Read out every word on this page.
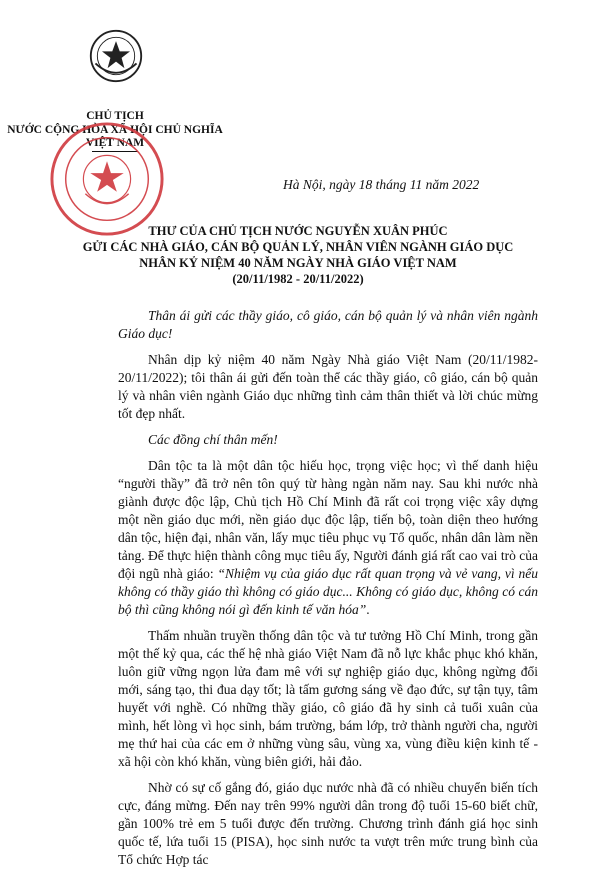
CHỦ TỊCH
NƯỚC CỘNG HÒA XÃ HỘI CHỦ NGHĨA
VIỆT NAM
Hà Nội, ngày 18 tháng 11 năm 2022
THƯ CỦA CHỦ TỊCH NƯỚC NGUYỄN XUÂN PHÚC
GỬI CÁC NHÀ GIÁO, CÁN BỘ QUẢN LÝ, NHÂN VIÊN NGÀNH GIÁO DỤC
NHÂN KỶ NIỆM 40 NĂM NGÀY NHÀ GIÁO VIỆT NAM
(20/11/1982 - 20/11/2022)

Thân ái gửi các thầy giáo, cô giáo, cán bộ quản lý và nhân viên ngành Giáo dục!

Nhân dịp kỷ niệm 40 năm Ngày Nhà giáo Việt Nam (20/11/1982-20/11/2022); tôi thân ái gửi đến toàn thể các thầy giáo, cô giáo, cán bộ quản lý và nhân viên ngành Giáo dục những tình cảm thân thiết và lời chúc mừng tốt đẹp nhất.

Các đồng chí thân mến!

Dân tộc ta là một dân tộc hiếu học, trọng việc học; vì thế danh hiệu “người thầy” đã trở nên tôn quý từ hàng ngàn năm nay. Sau khi nước nhà giành được độc lập, Chủ tịch Hồ Chí Minh đã rất coi trọng việc xây dựng một nền giáo dục mới, nền giáo dục độc lập, tiến bộ, toàn diện theo hướng dân tộc, hiện đại, nhân văn, lấy mục tiêu phục vụ Tổ quốc, nhân dân làm nền tảng. Để thực hiện thành công mục tiêu ấy, Người đánh giá rất cao vai trò của đội ngũ nhà giáo: “Nhiệm vụ của giáo dục rất quan trọng và vẻ vang, vì nếu không có thầy giáo thì không có giáo dục... Không có giáo dục, không có cán bộ thì cũng không nói gì đến kinh tế văn hóa”.

Thấm nhuần truyền thống dân tộc và tư tưởng Hồ Chí Minh, trong gần một thế kỷ qua, các thế hệ nhà giáo Việt Nam đã nỗ lực khắc phục khó khăn, luôn giữ vững ngọn lửa đam mê với sự nghiệp giáo dục, không ngừng đổi mới, sáng tạo, thi đua dạy tốt; là tấm gương sáng về đạo đức, sự tận tụy, tâm huyết với nghề. Có những thầy giáo, cô giáo đã hy sinh cả tuổi xuân của mình, hết lòng vì học sinh, bám trường, bám lớp, trở thành người cha, người mẹ thứ hai của các em ở những vùng sâu, vùng xa, vùng điều kiện kinh tế - xã hội còn khó khăn, vùng biên giới, hải đảo.

Nhờ có sự cố gắng đó, giáo dục nước nhà đã có nhiều chuyển biến tích cực, đáng mừng. Đến nay trên 99% người dân trong độ tuổi 15-60 biết chữ, gần 100% trẻ em 5 tuổi được đến trường. Chương trình đánh giá học sinh quốc tế, lứa tuổi 15 (PISA), học sinh nước ta vượt trên mức trung bình của Tổ chức Hợp tác
